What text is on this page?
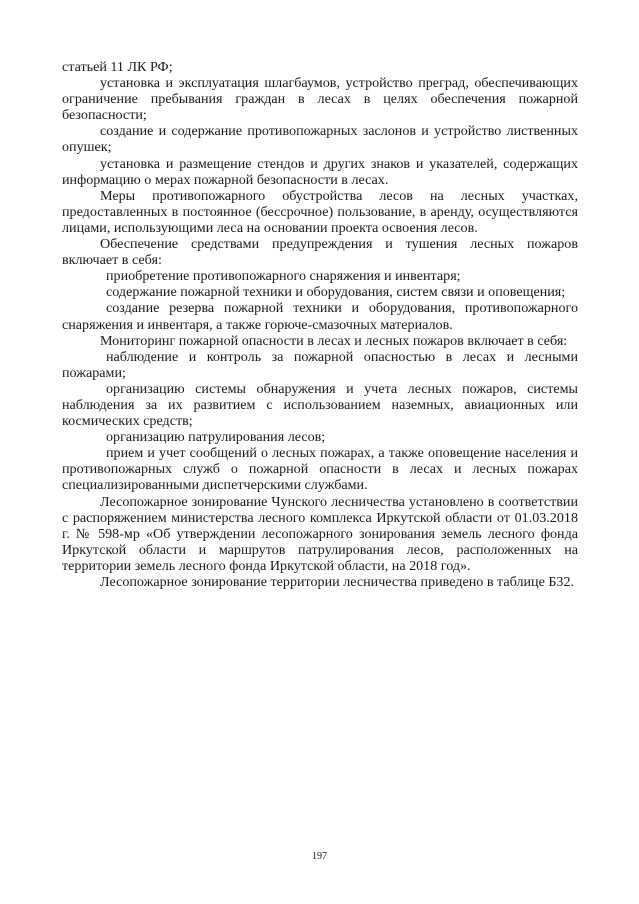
статьей 11 ЛК РФ;

установка и эксплуатация шлагбаумов, устройство преград, обеспечивающих ограничение пребывания граждан в лесах в целях обеспечения пожарной безопасности;

создание и содержание противопожарных заслонов и устройство лиственных опушек;

установка и размещение стендов и других знаков и указателей, содержащих информацию о мерах пожарной безопасности в лесах.

Меры противопожарного обустройства лесов на лесных участках, предоставленных в постоянное (бессрочное) пользование, в аренду, осуществляются лицами, использующими леса на основании проекта освоения лесов.

Обеспечение средствами предупреждения и тушения лесных пожаров включает в себя:

приобретение противопожарного снаряжения и инвентаря;

содержание пожарной техники и оборудования, систем связи и оповещения;

создание резерва пожарной техники и оборудования, противопожарного снаряжения и инвентаря, а также горюче-смазочных материалов.

Мониторинг пожарной опасности в лесах и лесных пожаров включает в себя:

наблюдение и контроль за пожарной опасностью в лесах и лесными пожарами;

организацию системы обнаружения и учета лесных пожаров, системы наблюдения за их развитием с использованием наземных, авиационных или космических средств;

организацию патрулирования лесов;

прием и учет сообщений о лесных пожарах, а также оповещение населения и противопожарных служб о пожарной опасности в лесах и лесных пожарах специализированными диспетчерскими службами.

Лесопожарное зонирование Чунского лесничества установлено в соответствии с распоряжением министерства лесного комплекса Иркутской области от 01.03.2018 г. № 598-мр «Об утверждении лесопожарного зонирования земель лесного фонда Иркутской области и маршрутов патрулирования лесов, расположенных на территории земель лесного фонда Иркутской области, на 2018 год».

Лесопожарное зонирование территории лесничества приведено в таблице Б32.

197
